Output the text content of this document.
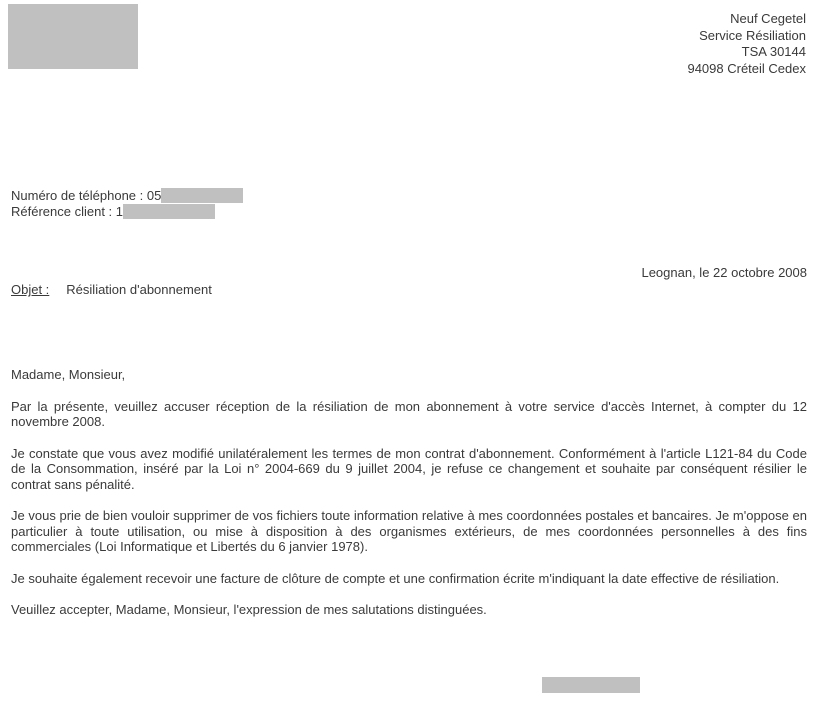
Neuf Cegetel
Service Résiliation
TSA 30144
94098 Créteil Cedex
Numéro de téléphone : 05
Référence client : 1
Leognan, le 22 octobre 2008
Objet : Résiliation d'abonnement

Madame, Monsieur,

Par la présente, veuillez accuser réception de la résiliation de mon abonnement à votre service d'accès Internet, à compter du 12 novembre 2008.

Je constate que vous avez modifié unilatéralement les termes de mon contrat d'abonnement. Conformément à l'article L121-84 du Code de la Consommation, inséré par la Loi n° 2004-669 du 9 juillet 2004, je refuse ce changement et souhaite par conséquent résilier le contrat sans pénalité.

Je vous prie de bien vouloir supprimer de vos fichiers toute information relative à mes coordonnées postales et bancaires. Je m'oppose en particulier à toute utilisation, ou mise à disposition à des organismes extérieurs, de mes coordonnées personnelles à des fins commerciales (Loi Informatique et Libertés du 6 janvier 1978).

Je souhaite également recevoir une facture de clôture de compte et une confirmation écrite m'indiquant la date effective de résiliation.

Veuillez accepter, Madame, Monsieur, l'expression de mes salutations distinguées.
